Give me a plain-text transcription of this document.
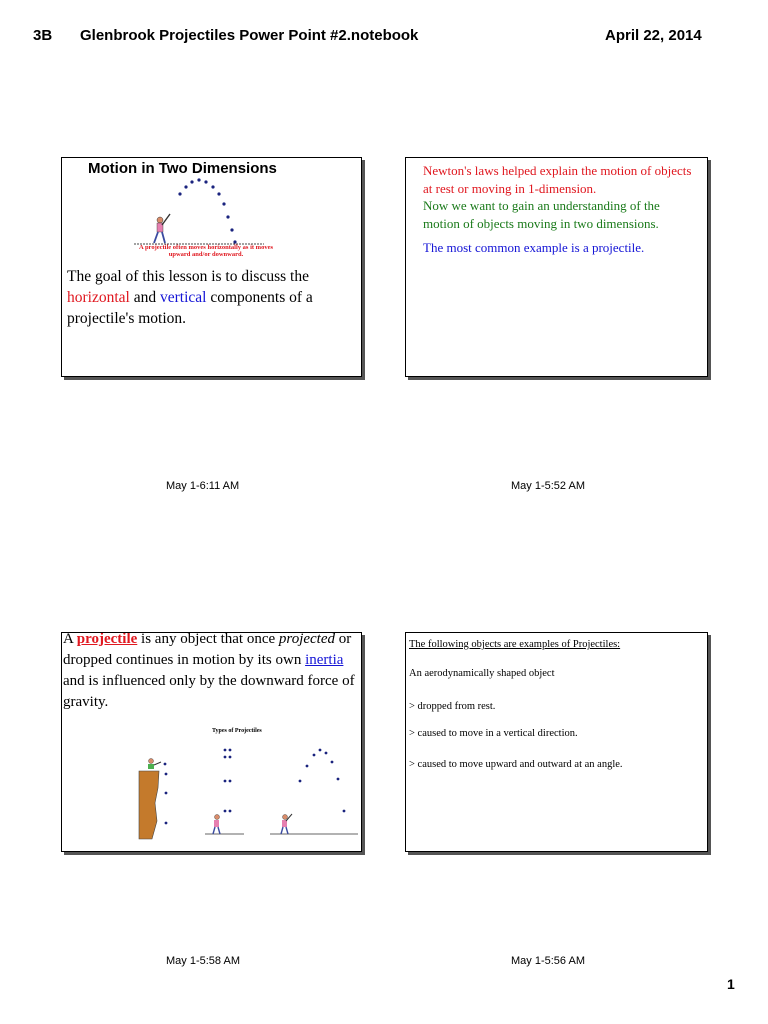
3B Glenbrook Projectiles Power Point #2.notebook	April 22, 2014
Motion in Two Dimensions
A projectile often moves horizontally as it moves upward and/or downward.
The goal of this lesson is to discuss the horizontal and vertical components of a projectile's motion.
May 1-6:11 AM
Newton's laws helped explain the motion of objects at rest or moving in 1-dimension.
Now we want to gain an understanding of the motion of objects moving in two dimensions.
The most common example is a projectile.
May 1-5:52 AM
A projectile is any object that once projected or dropped continues in motion by its own inertia and is influenced only by the downward force of gravity.
Types of Projectiles
May 1-5:58 AM
The following objects are examples of Projectiles:
An aerodynamically shaped object
> dropped from rest.
> caused to move in a vertical direction.
> caused to move upward and outward at an angle.
May 1-5:56 AM
1
